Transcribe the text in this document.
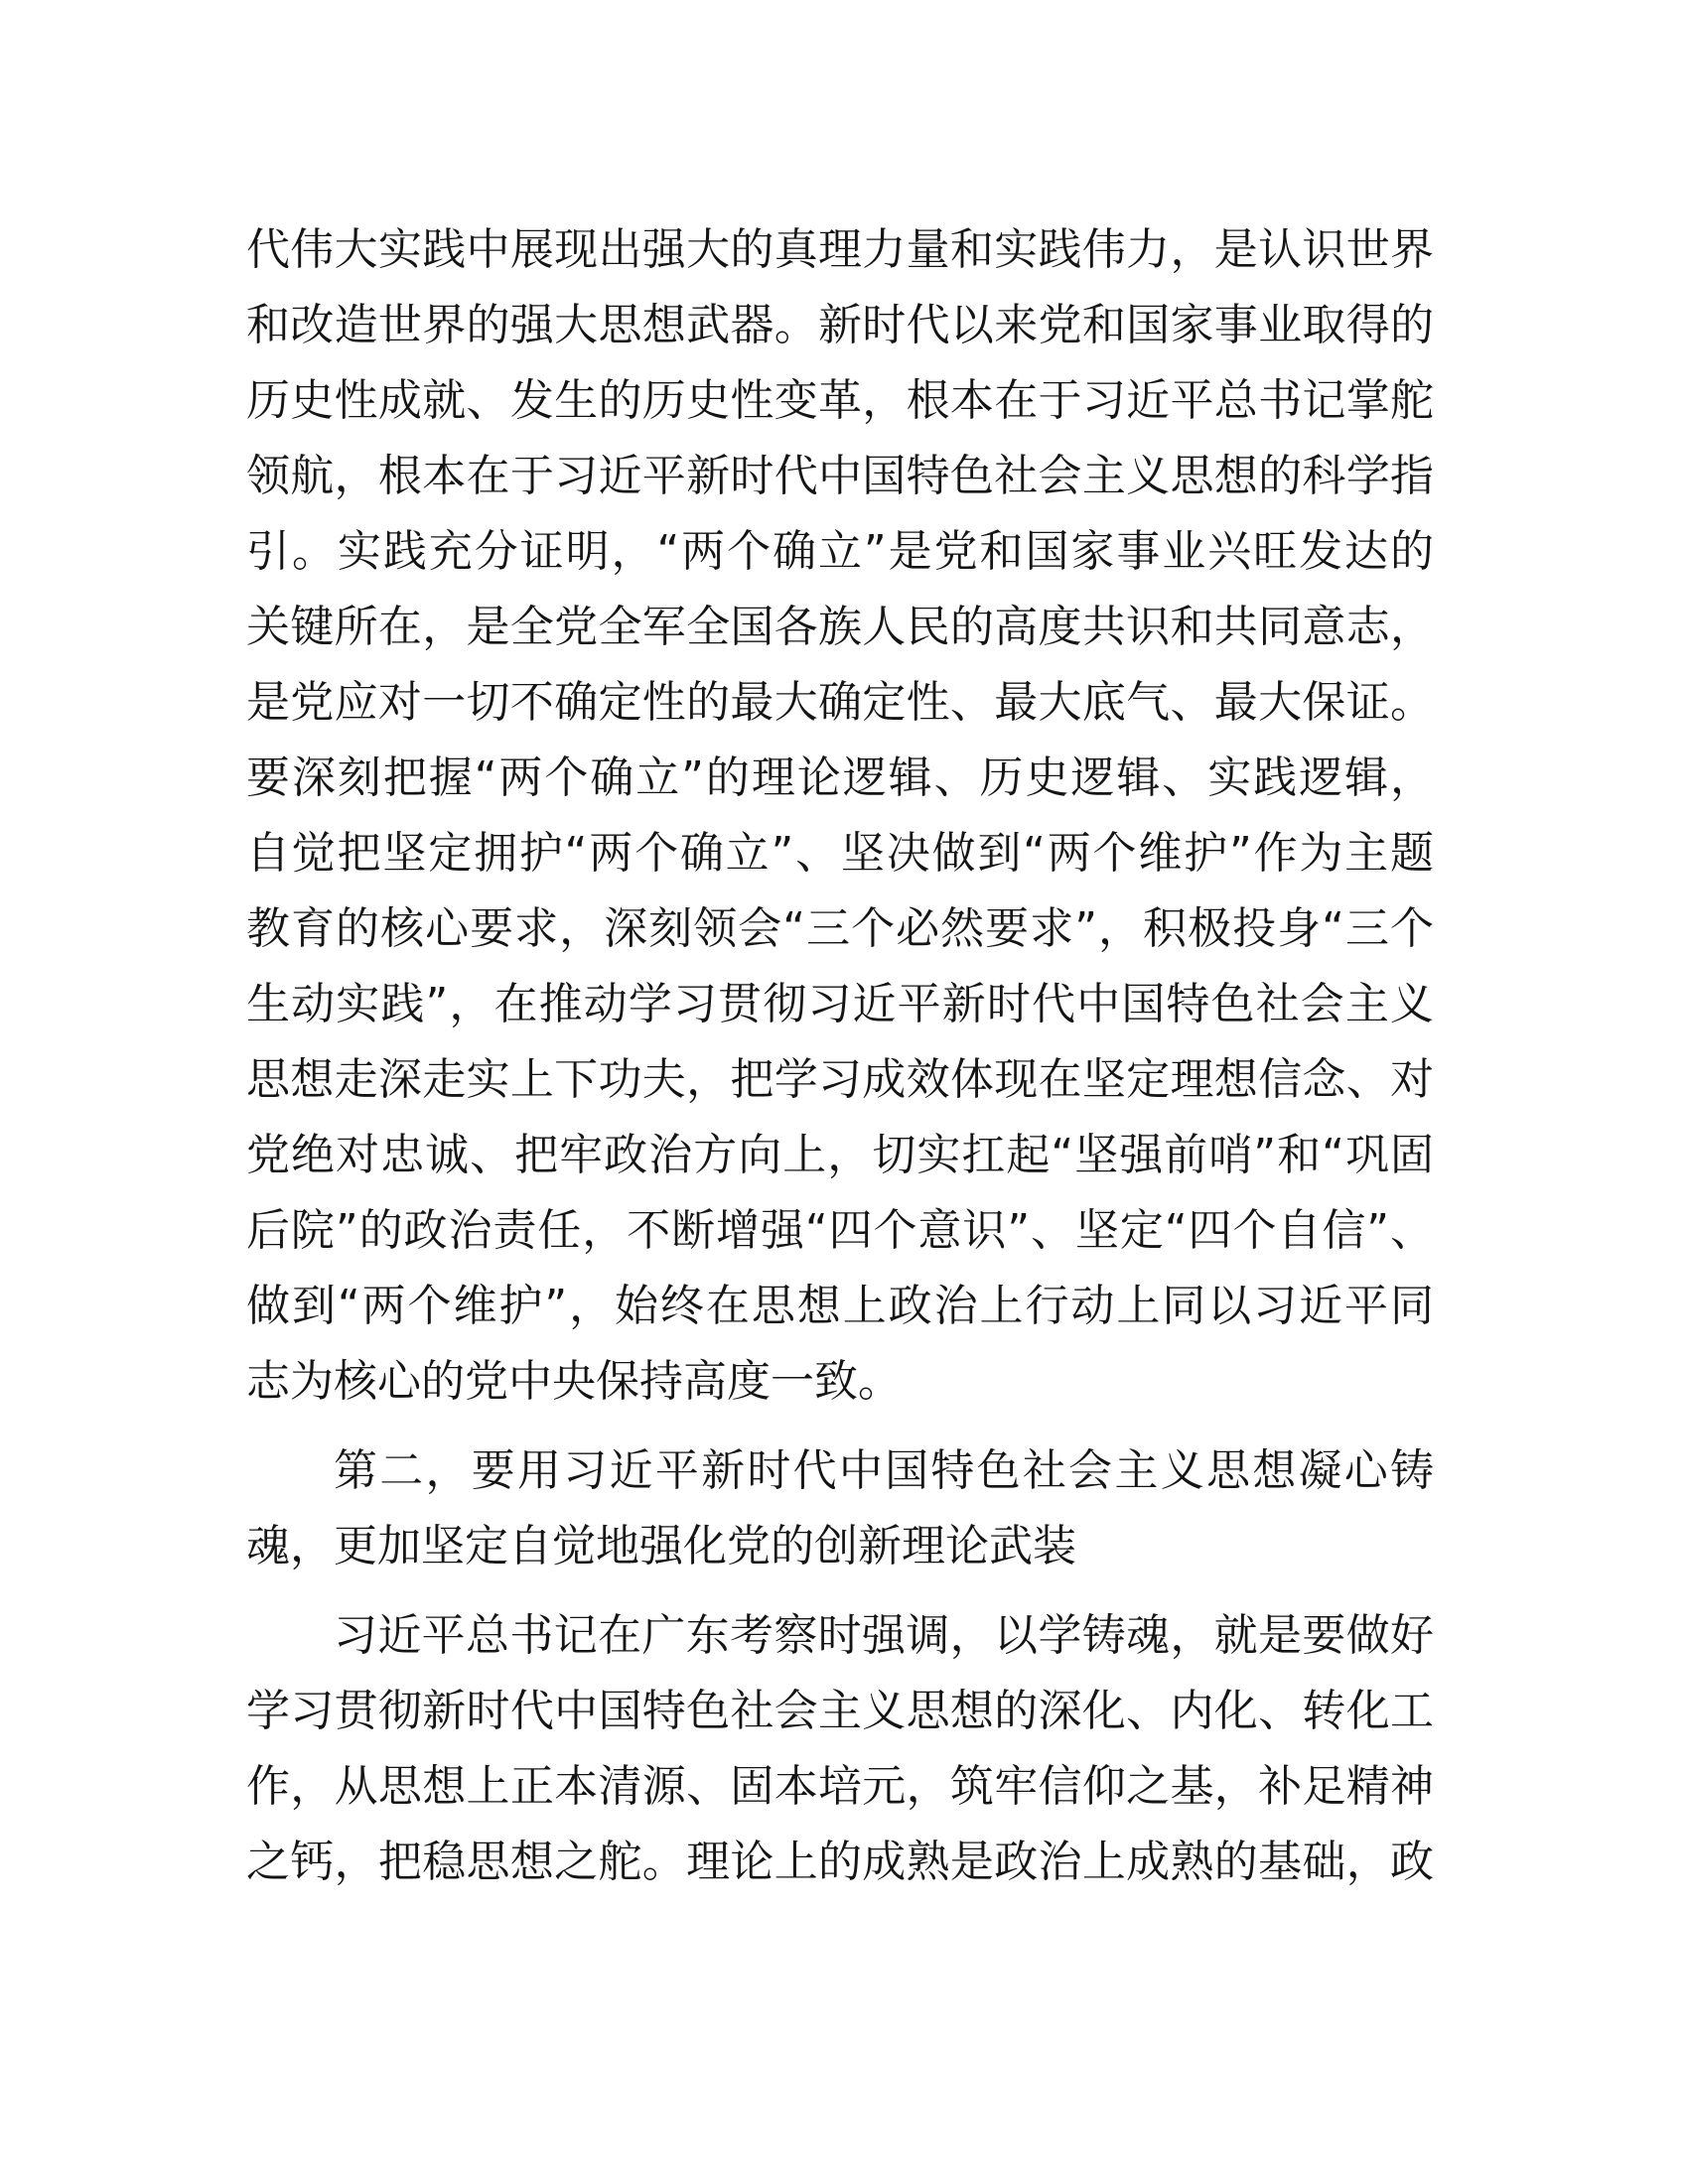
代伟大实践中展现出强大的真理力量和实践伟力，是认识世界
和改造世界的强大思想武器。新时代以来党和国家事业取得的
历史性成就、发生的历史性变革，根本在于习近平总书记掌舵
领航，根本在于习近平新时代中国特色社会主义思想的科学指
引。实践充分证明，“两个确立”是党和国家事业兴旺发达的
关键所在，是全党全军全国各族人民的高度共识和共同意志，
是党应对一切不确定性的最大确定性、最大底气、最大保证。
要深刻把握“两个确立”的理论逻辑、历史逻辑、实践逻辑，
自觉把坚定拥护“两个确立”、坚决做到“两个维护”作为主题
教育的核心要求，深刻领会“三个必然要求”，积极投身“三个
生动实践”，在推动学习贯彻习近平新时代中国特色社会主义
思想走深走实上下功夫，把学习成效体现在坚定理想信念、对
党绝对忠诚、把牢政治方向上，切实扛起“坚强前哨”和“巩固
后院”的政治责任，不断增强“四个意识”、坚定“四个自信”、
做到“两个维护”，始终在思想上政治上行动上同以习近平同
志为核心的党中央保持高度一致。
第二，要用习近平新时代中国特色社会主义思想凝心铸
魂，更加坚定自觉地强化党的创新理论武装
习近平总书记在广东考察时强调，以学铸魂，就是要做好
学习贯彻新时代中国特色社会主义思想的深化、内化、转化工
作，从思想上正本清源、固本培元，筑牢信仰之基，补足精神
之钙，把稳思想之舵。理论上的成熟是政治上成熟的基础，政
